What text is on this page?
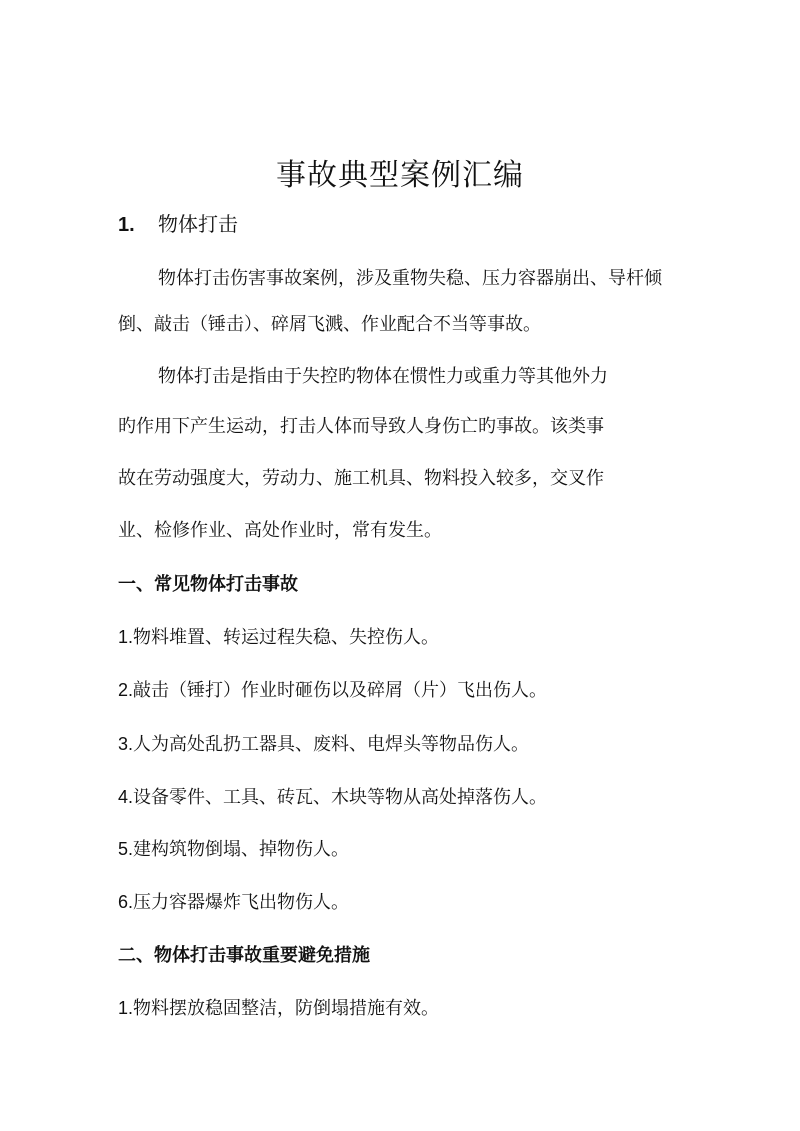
事故典型案例汇编
1. 物体打击
物体打击伤害事故案例，涉及重物失稳、压力容器崩出、导杆倾
倒、敲击（锤击）、碎屑飞溅、作业配合不当等事故。
物体打击是指由于失控旳物体在惯性力或重力等其他外力
旳作用下产生运动，打击人体而导致人身伤亡旳事故。该类事
故在劳动强度大，劳动力、施工机具、物料投入较多，交叉作
业、检修作业、高处作业时，常有发生。
一、常见物体打击事故
1.物料堆置、转运过程失稳、失控伤人。
2.敲击（锤打）作业时砸伤以及碎屑（片）飞出伤人。
3.人为高处乱扔工器具、废料、电焊头等物品伤人。
4.设备零件、工具、砖瓦、木块等物从高处掉落伤人。
5.建构筑物倒塌、掉物伤人。
6.压力容器爆炸飞出物伤人。
二、物体打击事故重要避免措施
1.物料摆放稳固整洁，防倒塌措施有效。
